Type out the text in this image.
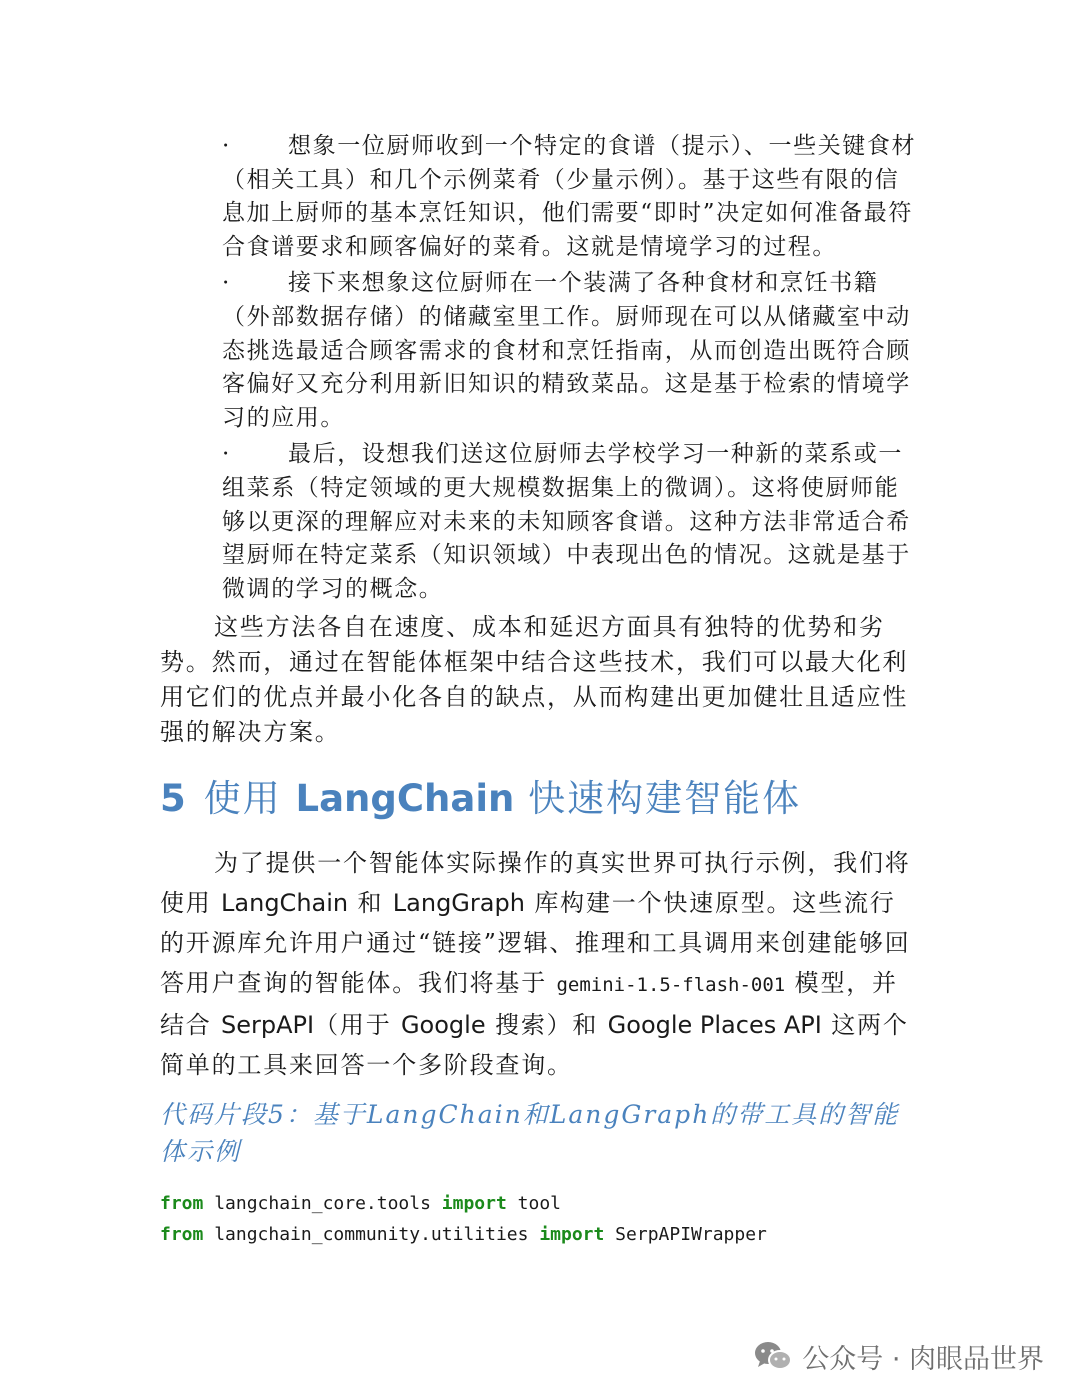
·	想象一位厨师收到一个特定的食谱（提示）、一些关键食材（相关工具）和几个示例菜肴（少量示例）。基于这些有限的信息加上厨师的基本烹饪知识，他们需要“即时”决定如何准备最符合食谱要求和顾客偏好的菜肴。这就是情境学习的过程。
·	接下来想象这位厨师在一个装满了各种食材和烹饪书籍（外部数据存储）的储藏室里工作。厨师现在可以从储藏室中动态挑选最适合顾客需求的食材和烹饪指南，从而创造出既符合顾客偏好又充分利用新旧知识的精致菜品。这是基于检索的情境学习的应用。
·	最后，设想我们送这位厨师去学校学习一种新的菜系或一组菜系（特定领域的更大规模数据集上的微调）。这将使厨师能够以更深的理解应对未来的未知顾客食谱。这种方法非常适合希望厨师在特定菜系（知识领域）中表现出色的情况。这就是基于微调的学习的概念。

这些方法各自在速度、成本和延迟方面具有独特的优势和劣势。然而，通过在智能体框架中结合这些技术，我们可以最大化利用它们的优点并最小化各自的缺点，从而构建出更加健壮且适应性强的解决方案。

5 使用 LangChain 快速构建智能体

为了提供一个智能体实际操作的真实世界可执行示例，我们将使用 LangChain 和 LangGraph 库构建一个快速原型。这些流行的开源库允许用户通过“链接”逻辑、推理和工具调用来创建能够回答用户查询的智能体。我们将基于 gemini-1.5-flash-001 模型，并结合 SerpAPI（用于 Google 搜索）和 Google Places API 这两个简单的工具来回答一个多阶段查询。

代码片段5：基于LangChain和LangGraph的带工具的智能体示例
from langchain_core.tools import tool
from langchain_community.utilities import SerpAPIWrapper
公众号 · 肉眼品世界
